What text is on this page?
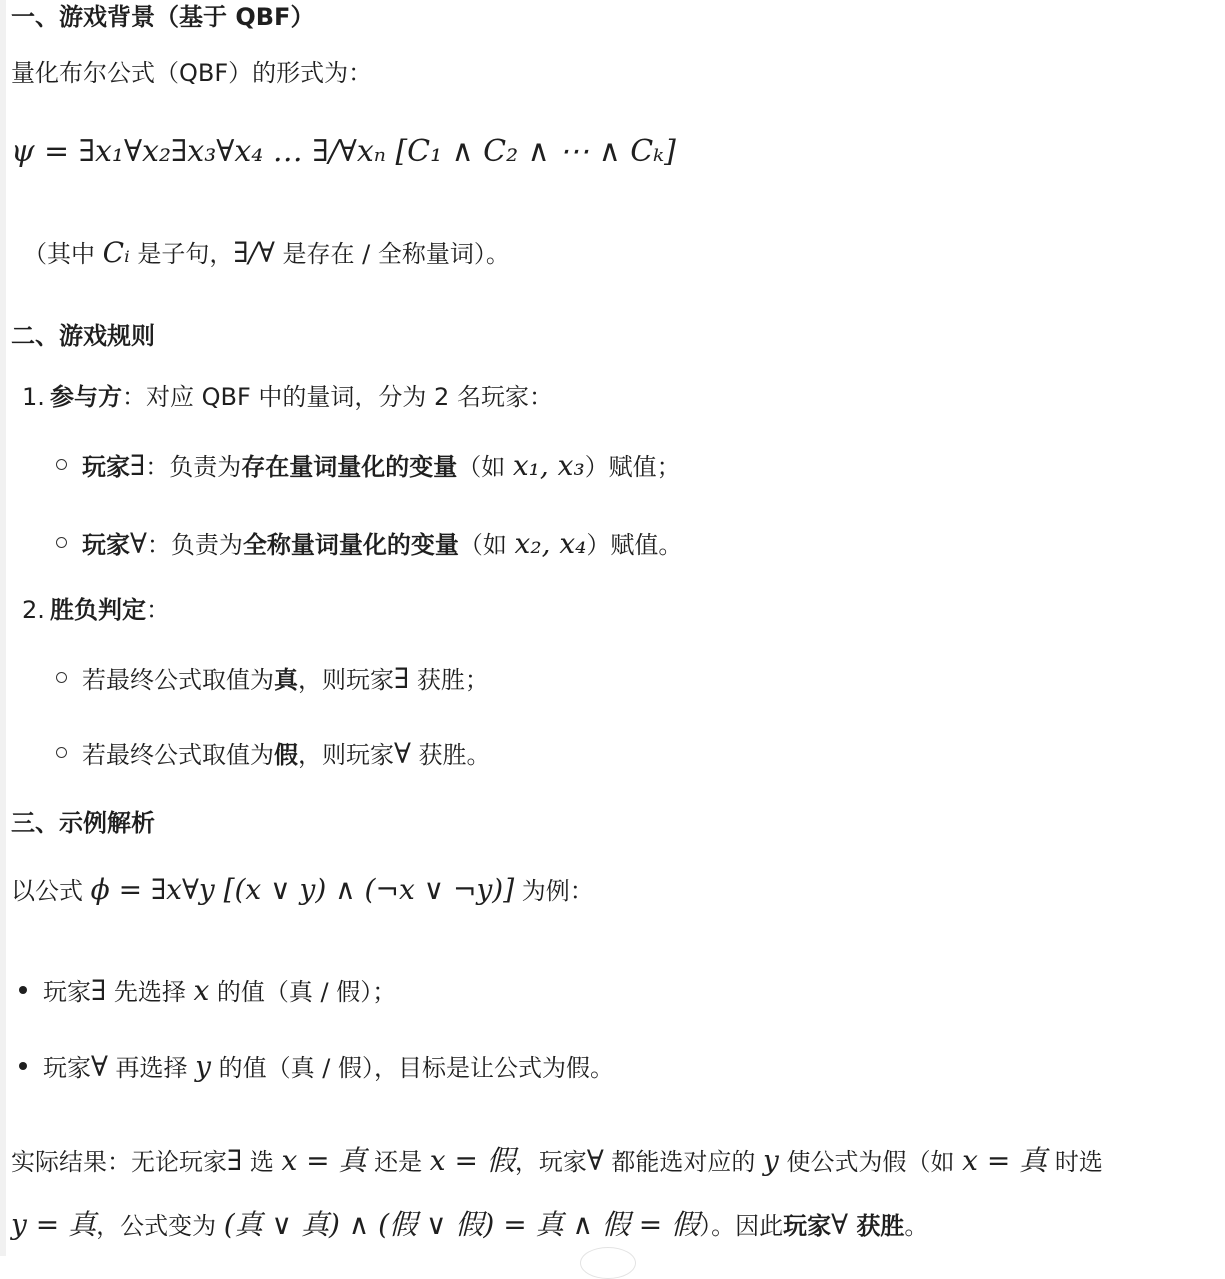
一、游戏背景（基于 QBF）
量化布尔公式（QBF）的形式为：
ψ = ∃x₁∀x₂∃x₃∀x₄ … ∃/∀xₙ [C₁ ∧ C₂ ∧ ⋯ ∧ Cₖ]
（其中 Cᵢ 是子句，∃/∀ 是存在 / 全称量词）。
二、游戏规则
1. 参与方：对应 QBF 中的量词，分为 2 名玩家：
玩家∃：负责为存在量词量化的变量（如 x₁, x₃）赋值；
玩家∀：负责为全称量词量化的变量（如 x₂, x₄）赋值。
2. 胜负判定：
若最终公式取值为真，则玩家∃ 获胜；
若最终公式取值为假，则玩家∀ 获胜。
三、示例解析
以公式 ϕ = ∃x∀y [(x ∨ y) ∧ (¬x ∨ ¬y)] 为例：
玩家∃ 先选择 x 的值（真 / 假）；
玩家∀ 再选择 y 的值（真 / 假），目标是让公式为假。
实际结果：无论玩家∃ 选 x = 真 还是 x = 假，玩家∀ 都能选对应的 y 使公式为假（如 x = 真 时选
y = 真，公式变为 (真 ∨ 真) ∧ (假 ∨ 假) = 真 ∧ 假 = 假）。因此玩家∀ 获胜。
